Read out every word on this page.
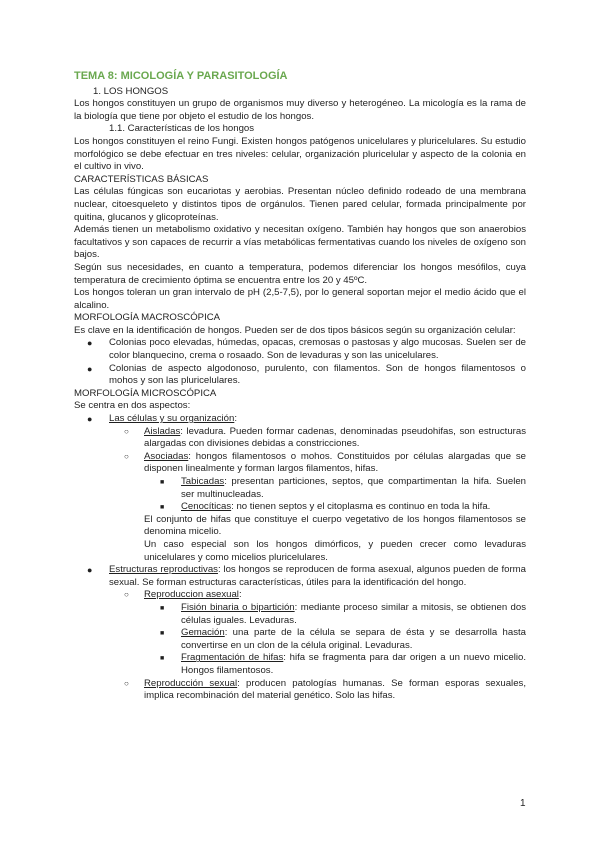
TEMA 8: MICOLOGÍA Y PARASITOLOGÍA
1. LOS HONGOS
Los hongos constituyen un grupo de organismos muy diverso y heterogéneo. La micología es la rama de la biología que tiene por objeto el estudio de los hongos.
1.1. Características de los hongos
Los hongos constituyen el reino Fungi. Existen hongos patógenos unicelulares y pluricelulares. Su estudio morfológico se debe efectuar en tres niveles: celular, organización pluricelular y aspecto de la colonia en el cultivo in vivo.
CARACTERÍSTICAS BÁSICAS
Las células fúngicas son eucariotas y aerobias. Presentan núcleo definido rodeado de una membrana nuclear, citoesqueleto y distintos tipos de orgánulos. Tienen pared celular, formada principalmente por quitina, glucanos y glicoproteínas.
Además tienen un metabolismo oxidativo y necesitan oxígeno. También hay hongos que son anaerobios facultativos y son capaces de recurrir a vías metabólicas fermentativas cuando los niveles de oxígeno son bajos.
Según sus necesidades, en cuanto a temperatura, podemos diferenciar los hongos mesófilos, cuya temperatura de crecimiento óptima se encuentra entre los 20 y 45ºC.
Los hongos toleran un gran intervalo de pH (2,5-7,5), por lo general soportan mejor el medio ácido que el alcalino.
MORFOLOGÍA MACROSCÓPICA
Es clave en la identificación de hongos. Pueden ser de dos tipos básicos según su organización celular:
● Colonias poco elevadas, húmedas, opacas, cremosas o pastosas y algo mucosas. Suelen ser de color blanquecino, crema o rosaado. Son de levaduras y son las unicelulares.
● Colonias de aspecto algodonoso, purulento, con filamentos. Son de hongos filamentosos o mohos y son las pluricelulares.
MORFOLOGÍA MICROSCÓPICA
Se centra en dos aspectos:
● Las células y su organización:
○ Aisladas: levadura. Pueden formar cadenas, denominadas pseudohifas, son estructuras alargadas con divisiones debidas a constricciones.
○ Asociadas: hongos filamentosos o mohos. Constituidos por células alargadas que se disponen linealmente y forman largos filamentos, hifas.
■ Tabicadas: presentan particiones, septos, que compartimentan la hifa. Suelen ser multinucleadas.
■ Cenocíticas: no tienen septos y el citoplasma es continuo en toda la hifa.
El conjunto de hifas que constituye el cuerpo vegetativo de los hongos filamentosos se denomina micelio.
Un caso especial son los hongos dimórficos, y pueden crecer como levaduras unicelulares y como micelios pluricelulares.
● Estructuras reproductivas: los hongos se reproducen de forma asexual, algunos pueden de forma sexual. Se forman estructuras características, útiles para la identificación del hongo.
○ Reproduccion asexual:
■ Fisión binaria o bipartición: mediante proceso similar a mitosis, se obtienen dos células iguales. Levaduras.
■ Gemación: una parte de la célula se separa de ésta y se desarrolla hasta convertirse en un clon de la célula original. Levaduras.
■ Fragmentación de hifas: hifa se fragmenta para dar origen a un nuevo micelio. Hongos filamentosos.
○ Reproducción sexual: producen patologías humanas. Se forman esporas sexuales, implica recombinación del material genético. Solo las hifas.
1
